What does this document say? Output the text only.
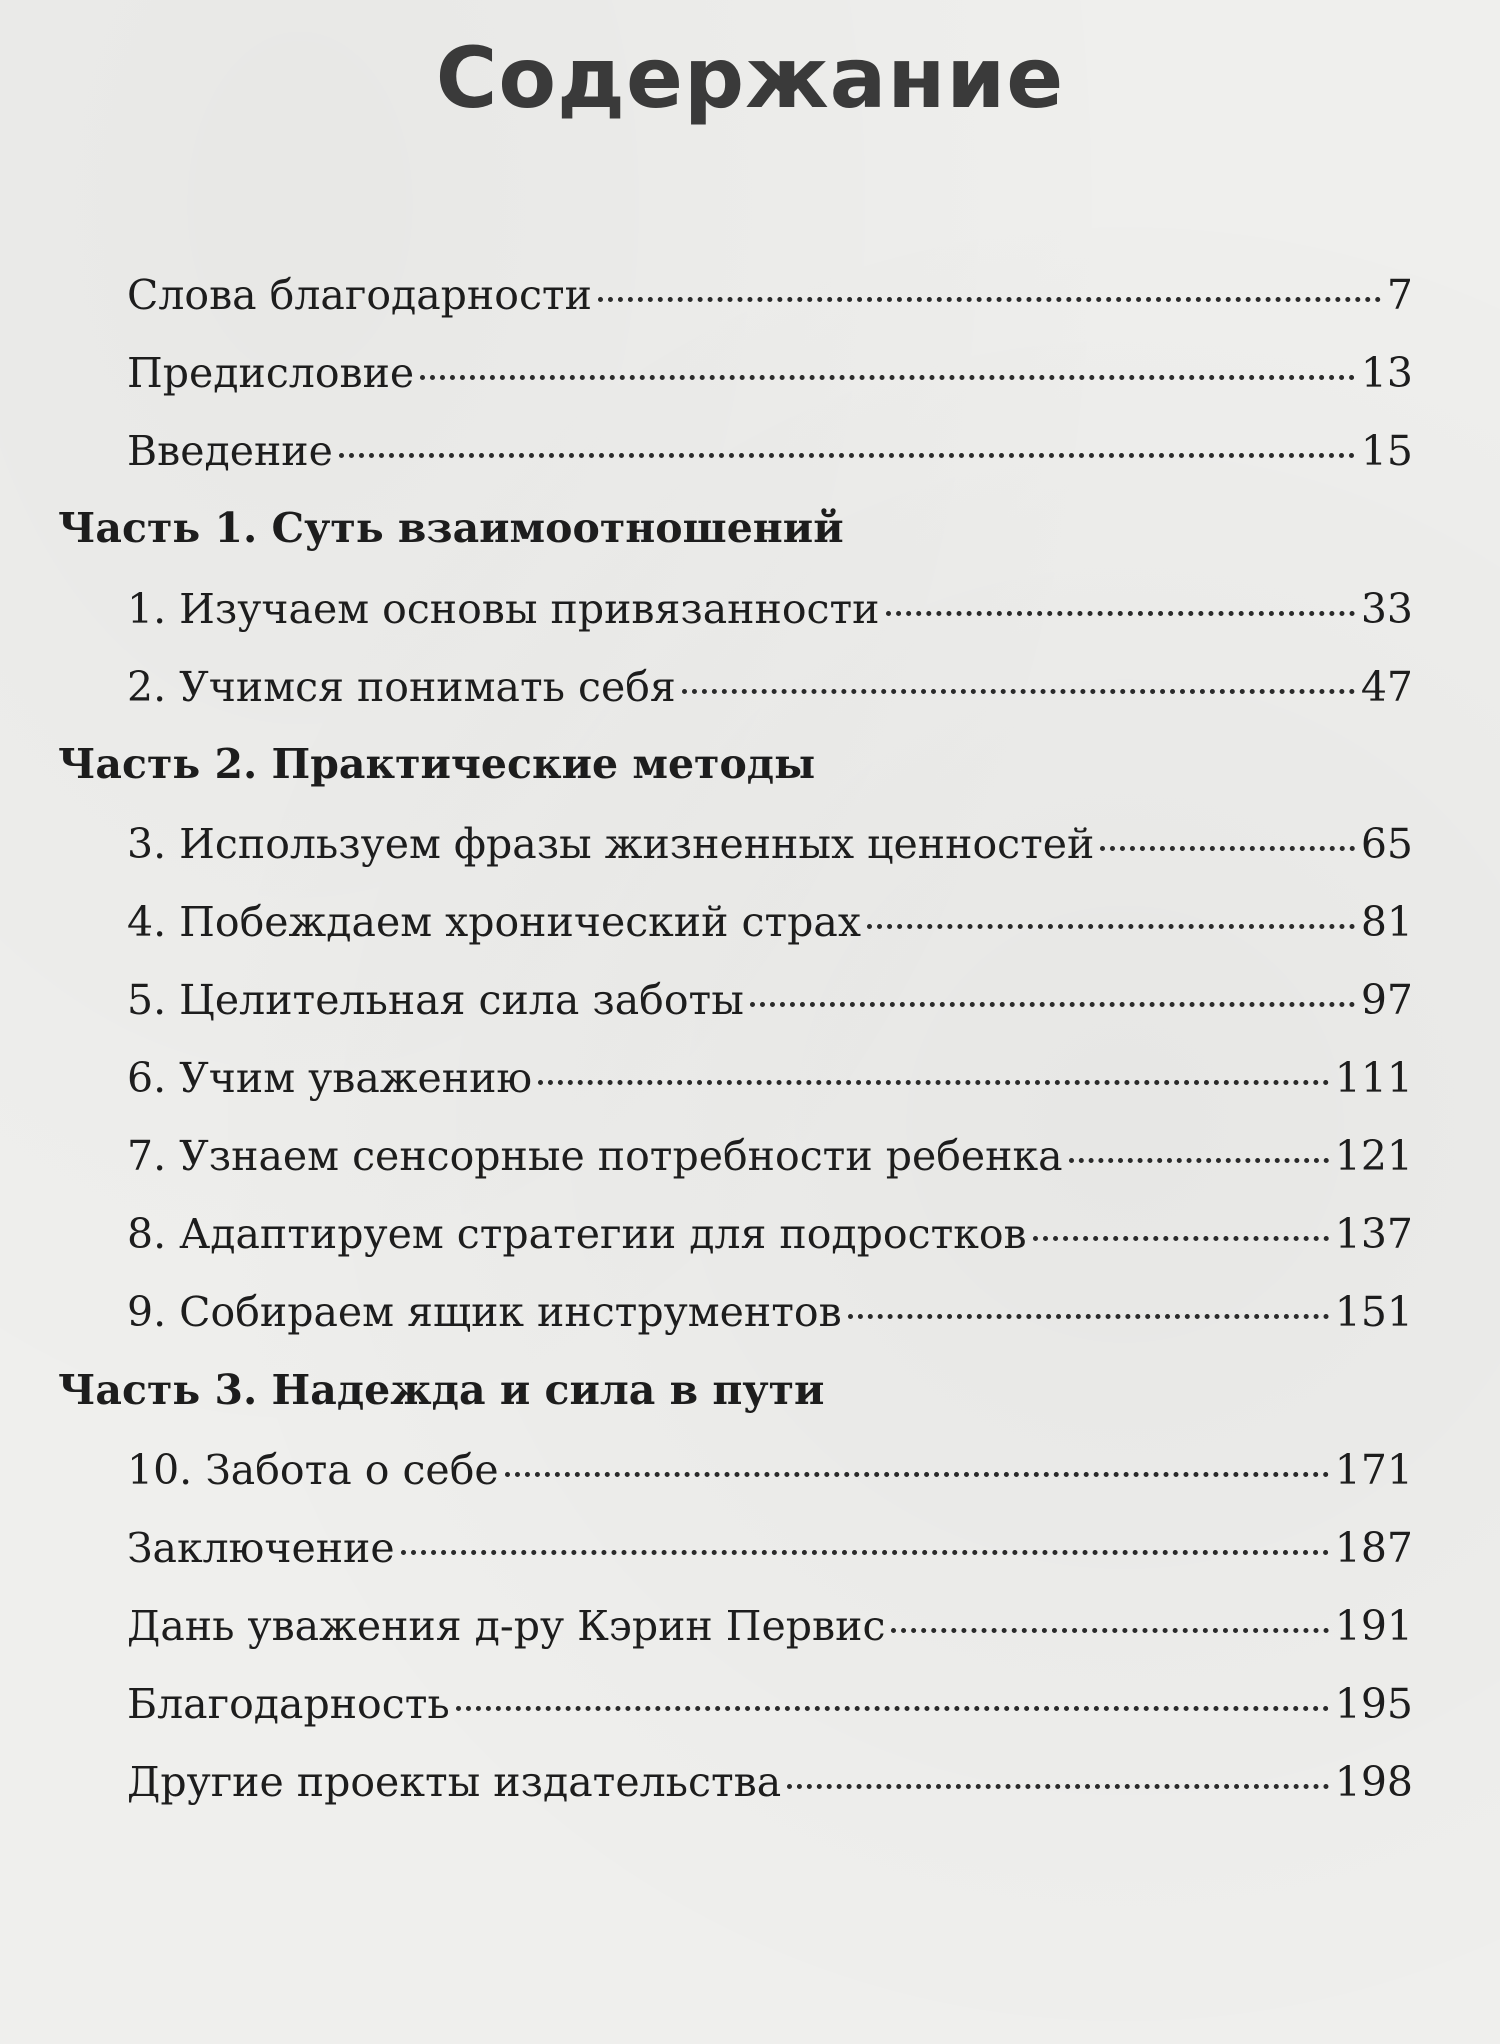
Содержание
Слова благодарности	7
Предисловие	13
Введение	15
Часть 1. Суть взаимоотношений
1. Изучаем основы привязанности	33
2. Учимся понимать себя	47
Часть 2. Практические методы
3. Используем фразы жизненных ценностей	65
4. Побеждаем хронический страх	81
5. Целительная сила заботы	97
6. Учим уважению	111
7. Узнаем сенсорные потребности ребенка	121
8. Адаптируем стратегии для подростков	137
9. Собираем ящик инструментов	151
Часть 3. Надежда и сила в пути
10. Забота о себе	171
Заключение	187
Дань уважения д-ру Кэрин Первис	191
Благодарность	195
Другие проекты издательства	198
